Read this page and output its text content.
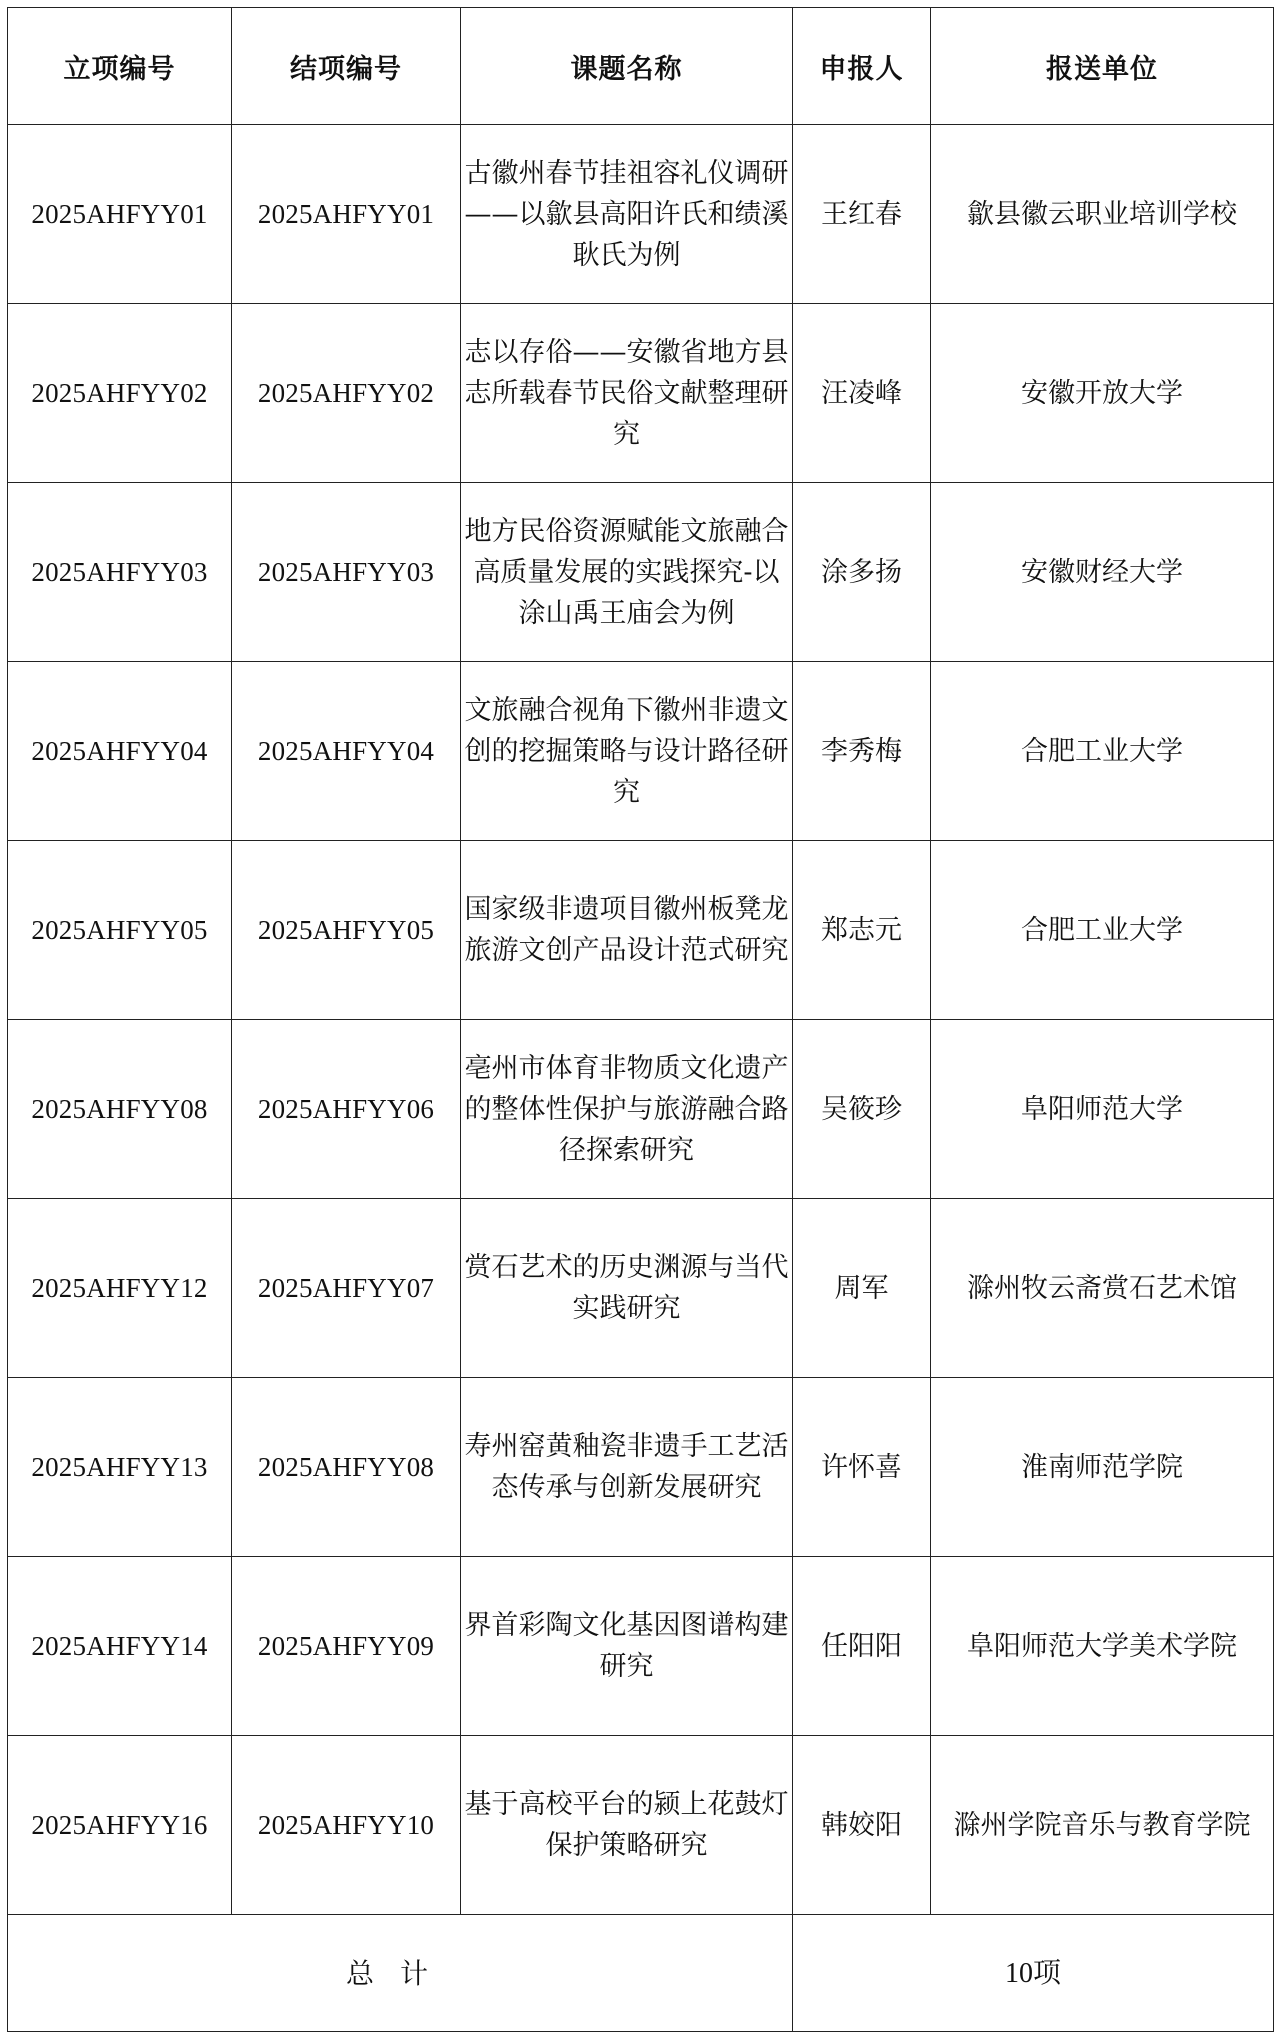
立项编号	结项编号	课题名称	申报人	报送单位
2025AHFYY01	2025AHFYY01	古徽州春节挂祖容礼仪调研——以歙县高阳许氏和绩溪耿氏为例	王红春	歙县徽云职业培训学校
2025AHFYY02	2025AHFYY02	志以存俗——安徽省地方县志所载春节民俗文献整理研究	汪凌峰	安徽开放大学
2025AHFYY03	2025AHFYY03	地方民俗资源赋能文旅融合高质量发展的实践探究-以涂山禹王庙会为例	涂多扬	安徽财经大学
2025AHFYY04	2025AHFYY04	文旅融合视角下徽州非遗文创的挖掘策略与设计路径研究	李秀梅	合肥工业大学
2025AHFYY05	2025AHFYY05	国家级非遗项目徽州板凳龙旅游文创产品设计范式研究	郑志元	合肥工业大学
2025AHFYY08	2025AHFYY06	亳州市体育非物质文化遗产的整体性保护与旅游融合路径探索研究	吴筱珍	阜阳师范大学
2025AHFYY12	2025AHFYY07	赏石艺术的历史渊源与当代实践研究	周军	滁州牧云斋赏石艺术馆
2025AHFYY13	2025AHFYY08	寿州窑黄釉瓷非遗手工艺活态传承与创新发展研究	许怀喜	淮南师范学院
2025AHFYY14	2025AHFYY09	界首彩陶文化基因图谱构建研究	任阳阳	阜阳师范大学美术学院
2025AHFYY16	2025AHFYY10	基于高校平台的颍上花鼓灯保护策略研究	韩姣阳	滁州学院音乐与教育学院
总计			10项	
